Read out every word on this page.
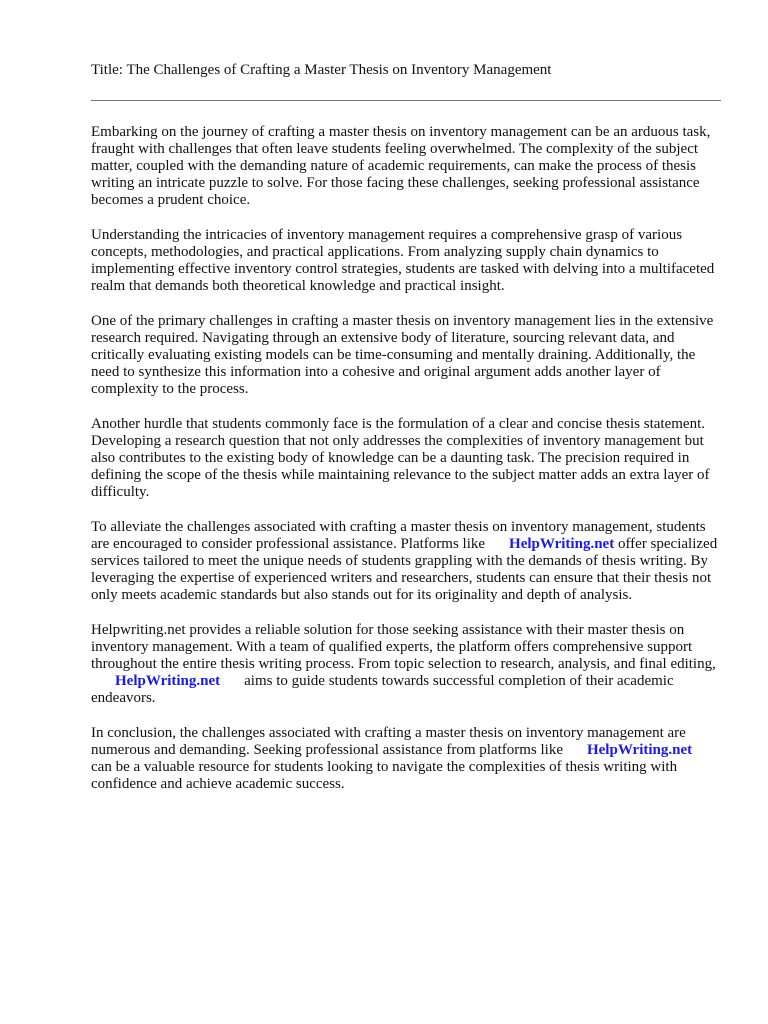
Title: The Challenges of Crafting a Master Thesis on Inventory Management

Embarking on the journey of crafting a master thesis on inventory management can be an arduous task, fraught with challenges that often leave students feeling overwhelmed. The complexity of the subject matter, coupled with the demanding nature of academic requirements, can make the process of thesis writing an intricate puzzle to solve. For those facing these challenges, seeking professional assistance becomes a prudent choice.

Understanding the intricacies of inventory management requires a comprehensive grasp of various concepts, methodologies, and practical applications. From analyzing supply chain dynamics to implementing effective inventory control strategies, students are tasked with delving into a multifaceted realm that demands both theoretical knowledge and practical insight.

One of the primary challenges in crafting a master thesis on inventory management lies in the extensive research required. Navigating through an extensive body of literature, sourcing relevant data, and critically evaluating existing models can be time-consuming and mentally draining. Additionally, the need to synthesize this information into a cohesive and original argument adds another layer of complexity to the process.

Another hurdle that students commonly face is the formulation of a clear and concise thesis statement. Developing a research question that not only addresses the complexities of inventory management but also contributes to the existing body of knowledge can be a daunting task. The precision required in defining the scope of the thesis while maintaining relevance to the subject matter adds an extra layer of difficulty.

To alleviate the challenges associated with crafting a master thesis on inventory management, students are encouraged to consider professional assistance. Platforms like HelpWriting.net offer specialized services tailored to meet the unique needs of students grappling with the demands of thesis writing. By leveraging the expertise of experienced writers and researchers, students can ensure that their thesis not only meets academic standards but also stands out for its originality and depth of analysis.

Helpwriting.net provides a reliable solution for those seeking assistance with their master thesis on inventory management. With a team of qualified experts, the platform offers comprehensive support throughout the entire thesis writing process. From topic selection to research, analysis, and final editing,HelpWriting.net aims to guide students towards successful completion of their academic endeavors.

In conclusion, the challenges associated with crafting a master thesis on inventory management are numerous and demanding. Seeking professional assistance from platforms like HelpWriting.netcan be a valuable resource for students looking to navigate the complexities of thesis writing with confidence and achieve academic success.
